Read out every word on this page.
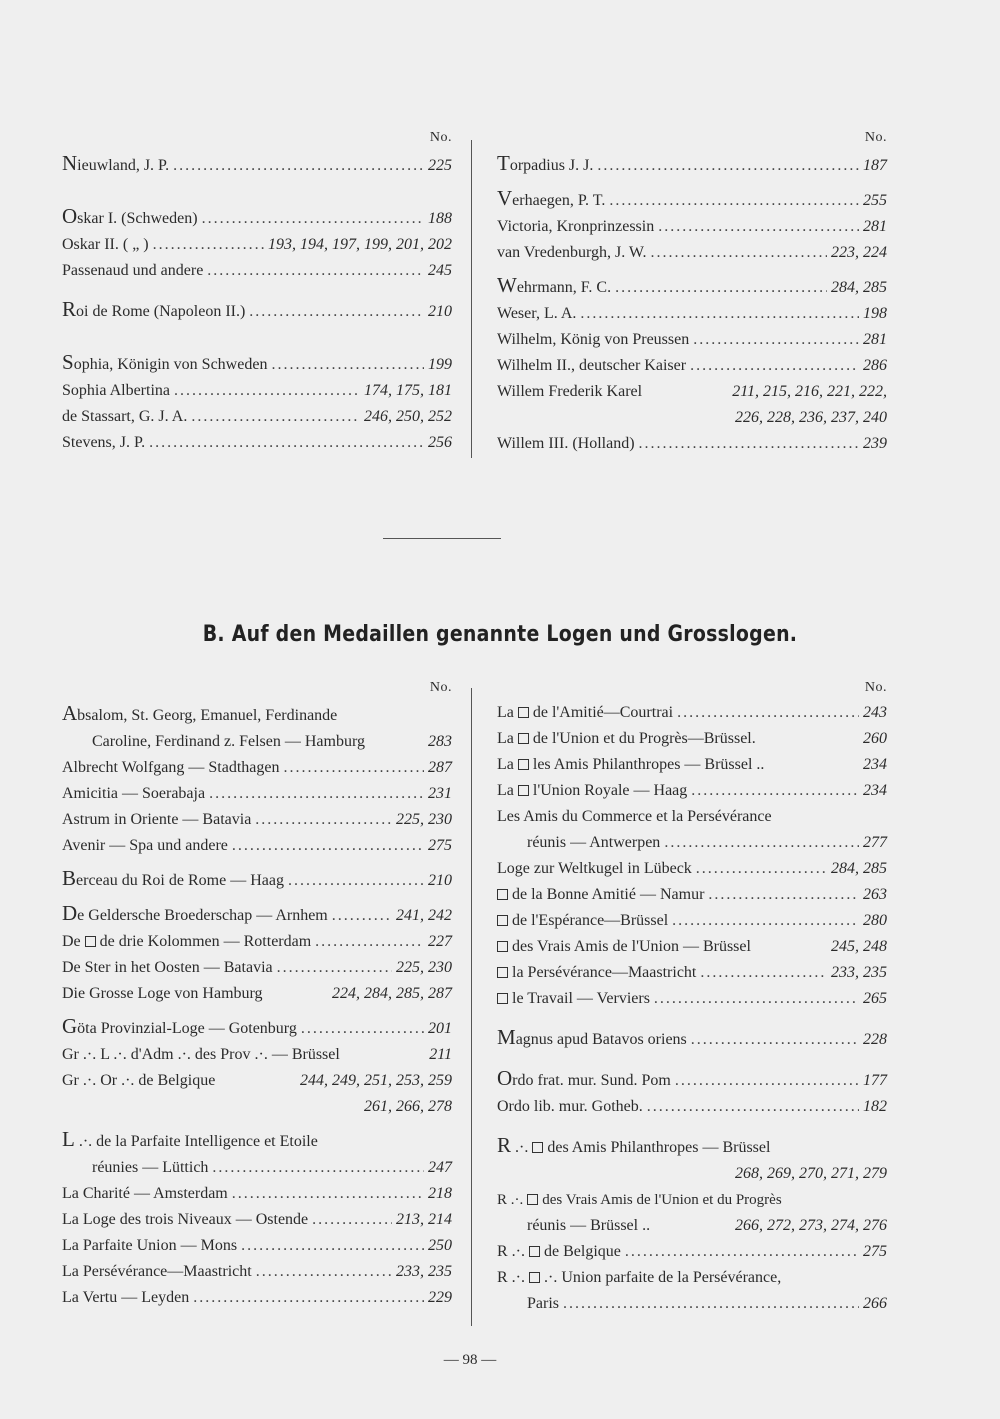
No.
Nieuwland, J. P. .....	225
Oskar I. (Schweden) .....	188
Oskar II. ( „ ) .....	193, 194, 197, 199, 201, 202
Passenaud und andere .....	245
Roi de Rome (Napoleon II.) .....	210
Sophia, Königin von Schweden .....	199
Sophia Albertina .....	174, 175, 181
de Stassart, G. J. A. .....	246, 250, 252
Stevens, J. P. .....	256
No.
Torpadius J. J. .....	187
Verhaegen, P. T. .....	255
Victoria, Kronprinzessin .....	281
van Vredenburgh, J. W. .....	223, 224
Wehrmann, F. C. .....	284, 285
Weser, L. A. .....	198
Wilhelm, König von Preussen .....	281
Wilhelm II., deutscher Kaiser .....	286
Willem Frederik Karel	211, 215, 216, 221, 222,
226, 228, 236, 237, 240
Willem III. (Holland) .....	239
B. Auf den Medaillen genannte Logen und Grosslogen.
No.
Absalom, St. Georg, Emanuel, Ferdinande
Caroline, Ferdinand z. Felsen — Hamburg	283
Albrecht Wolfgang — Stadthagen .....	287
Amicitia — Soerabaja .....	231
Astrum in Oriente — Batavia .....	225, 230
Avenir — Spa und andere .....	275
Berceau du Roi de Rome — Haag .....	210
De Geldersche Broederschap — Arnhem .....	241, 242
De de drie Kolommen — Rotterdam .....	227
De Ster in het Oosten — Batavia .....	225, 230
Die Grosse Loge von Hamburg	224, 284, 285, 287
Göta Provinzial-Loge — Gotenburg .....	201
Gr .·. L .·. d'Adm .·. des Prov .·. — Brüssel	211
Gr .·. Or .·. de Belgique	244, 249, 251, 253, 259
261, 266, 278
L .·. de la Parfaite Intelligence et Etoile
réunies — Lüttich .....	247
La Charité — Amsterdam .....	218
La Loge des trois Niveaux — Ostende .....	213, 214
La Parfaite Union — Mons .....	250
La Persévérance—Maastricht .....	233, 235
La Vertu — Leyden .....	229
No.
La de l'Amitié—Courtrai .....	243
La de l'Union et du Progrès—Brüssel.	260
La les Amis Philanthropes — Brüssel ..	234
La l'Union Royale — Haag .....	234
Les Amis du Commerce et la Persévérance
réunis — Antwerpen .....	277
Loge zur Weltkugel in Lübeck .....	284, 285
de la Bonne Amitié — Namur .....	263
de l'Espérance—Brüssel .....	280
des Vrais Amis de l'Union — Brüssel	245, 248
la Persévérance—Maastricht .....	233, 235
le Travail — Verviers .....	265
Magnus apud Batavos oriens .....	228
Ordo frat. mur. Sund. Pom .....	177
Ordo lib. mur. Gotheb. .....	182
R .·. des Amis Philanthropes — Brüssel
268, 269, 270, 271, 279
R .·. des Vrais Amis de l'Union et du Progrès
réunis — Brüssel ..	266, 272, 273, 274, 276
R .·. de Belgique .....	275
R .·. .·. Union parfaite de la Persévérance,
Paris .....	266
— 98 —
